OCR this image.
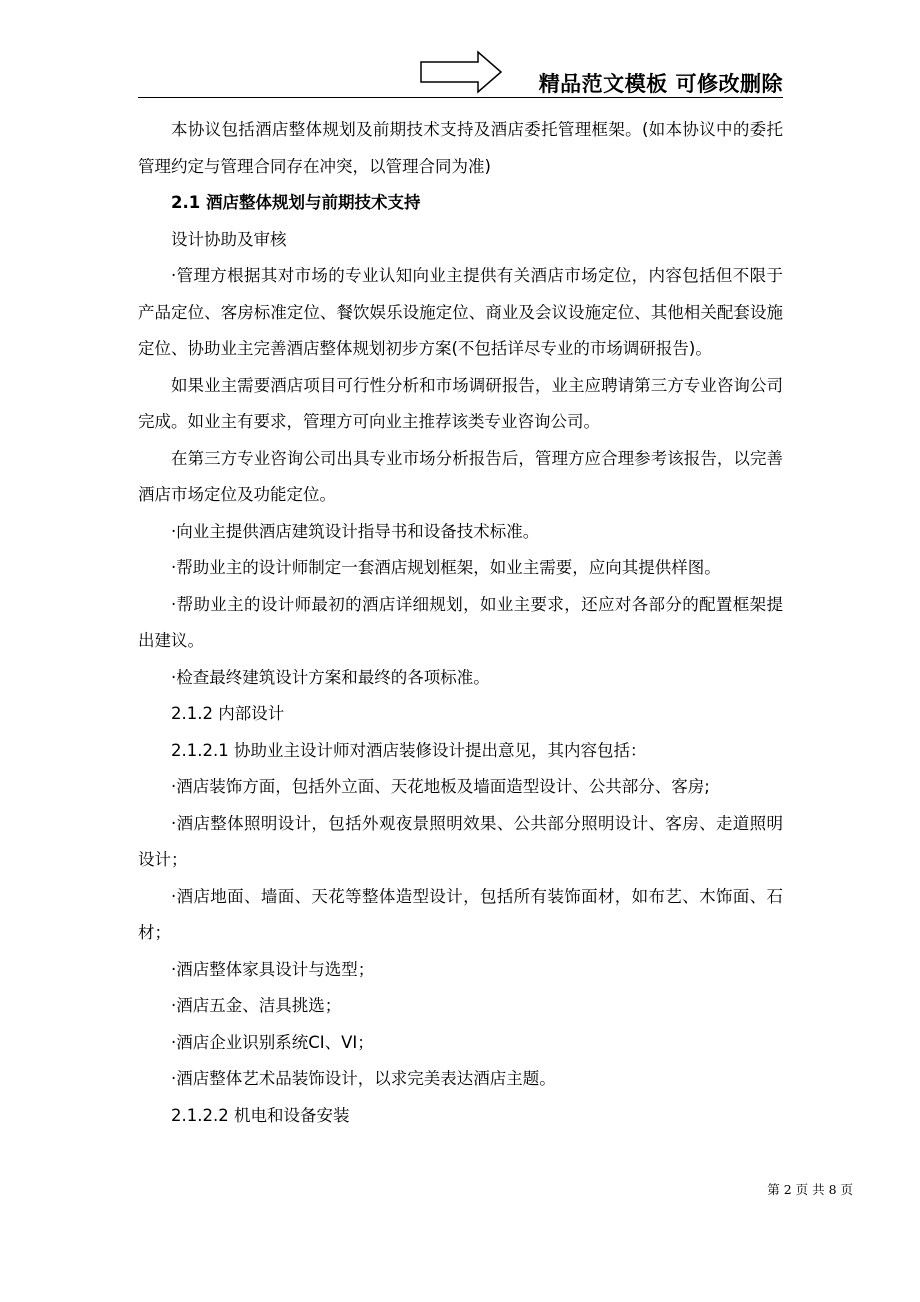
精品范文模板 可修改删除

本协议包括酒店整体规划及前期技术支持及酒店委托管理框架。(如本协议中的委托管理约定与管理合同存在冲突，以管理合同为准)

2.1 酒店整体规划与前期技术支持

设计协助及审核

·管理方根据其对市场的专业认知向业主提供有关酒店市场定位，内容包括但不限于产品定位、客房标准定位、餐饮娱乐设施定位、商业及会议设施定位、其他相关配套设施定位、协助业主完善酒店整体规划初步方案(不包括详尽专业的市场调研报告)。

如果业主需要酒店项目可行性分析和市场调研报告，业主应聘请第三方专业咨询公司完成。如业主有要求，管理方可向业主推荐该类专业咨询公司。

在第三方专业咨询公司出具专业市场分析报告后，管理方应合理参考该报告，以完善酒店市场定位及功能定位。

·向业主提供酒店建筑设计指导书和设备技术标准。

·帮助业主的设计师制定一套酒店规划框架，如业主需要，应向其提供样图。

·帮助业主的设计师最初的酒店详细规划，如业主要求，还应对各部分的配置框架提出建议。

·检查最终建筑设计方案和最终的各项标准。

2.1.2 内部设计

2.1.2.1 协助业主设计师对酒店装修设计提出意见，其内容包括：

·酒店装饰方面，包括外立面、天花地板及墙面造型设计、公共部分、客房;

·酒店整体照明设计，包括外观夜景照明效果、公共部分照明设计、客房、走道照明设计；

·酒店地面、墙面、天花等整体造型设计，包括所有装饰面材，如布艺、木饰面、石材；

·酒店整体家具设计与选型；

·酒店五金、洁具挑选；

·酒店企业识别系统CI、VI；

·酒店整体艺术品装饰设计，以求完美表达酒店主题。

2.1.2.2 机电和设备安装

第 2 页 共 8 页
